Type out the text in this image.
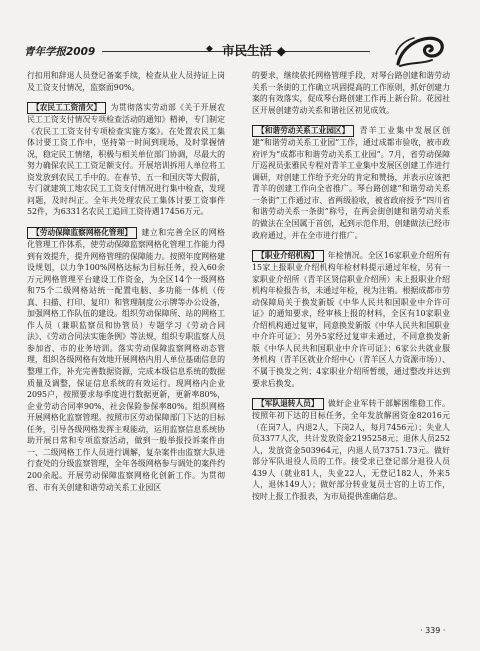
青年学报2009	◆ 市民生活 ◆

行扣用和辞退人员登记备案手续，检查从业人员持证上岗及工资支付情况，监察面90%。

【农民工工资清欠】 为贯彻落实劳动部《关于开展农民工工资支付情况专项检查活动的通知》精神，专门制定《农民工工资支付专项检查实施方案》。在处置农民工集体讨要工资工作中，坚持第一时间到现场，及时掌握情况，稳定民工情绪，积极与相关单位部门协调，尽最大的努力确保农民工工资足额支付。开展培训拆用人单位将工资发放到农民工手中的。在春节、五一和国庆等大假前，专门就建筑工地农民工工资支付情况进行集中检查，发现问题，及时纠正。全年共处理农民工集体讨要工资事件52件，为6331名农民工追回工资待遇17456万元。

【劳动保障监察网格化管理】 建立和完善全区的网格化管理工作体系，使劳动保障监察网格化管理工作能力得到有效提升，提升网格管理的保障能力。按照年度网格建设规划，以力争100%网格达标为目标任务，投入60余万元网格管理平台建设工作资金，为全区14个一级网格和75个二级网格站统一配置电脑、多功能一体机（传真、扫描、打印、复印）和管理制度公示牌等办公设备，加强网格工作队伍的建设。组织劳动保障所、站的网格工作人员（兼职监察员和协管员）专题学习《劳动合同法》、《劳动合同法实施条例》等法规，组织专职监察人员参加省、市的业务培训。落实劳动保障监察网格动态管理，组织各级网格有效地开展网格内用人单位基础信息的整理工作，补充完善数据资源，完成本级信息系统的数据质量及调整，保证信息系统的有效运行。现网格内企业2095户，按照要求每季度进行数据更新，更新率80%，企业劳动合同率90%，社会保险参保率80%。组织网格开展网格化监察管理。按照市区劳动保障部门下达的目标任务，引导各级网格发挥主观能动，运用监察信息系统协助开展日常和专项监察活动，做到一般举报投诉案件由一、二级网格工作人员进行调解，复杂案件由监察大队进行查处的分级监察管理，全年各级网格参与调处的案件约200余起。开展劳动保障监察网格化创新工作。为贯彻省、市有关创建和谐劳动关系工业园区

的要求，继续依托网格管理手段，对琴台路创建和谐劳动关系一条街的工作确立巩固提高的工作原则，抓好创建力案的有效落实，促成琴台路创建工作再上新台阶。花园社区开展创建劳动关系和谐社区初见成效。

【和谐劳动关系工业园区】 青羊工业集中发展区创建“和谐劳动关系工业园”工作，通过成都市验收，被市政府评为“成都市和谐劳动关系工业园”。7月，省劳动保障厅巡视员张雅民专程对青羊工业集中发展区创建工作进行调研，对创建工作给予充分的肯定和赞扬，并表示应该把青羊的创建工作向全省推广。琴台路创建“和谐劳动关系一条街”工作通过市、省两级验收，被省政府授予“四川省和谐劳动关系一条街”称号，在两会街创建和谐劳动关系的做法在全国属于首创，起到示范作用，创建做法已经市政府通过，并在全市进行推广。

【职业介绍机构】 年检情况。全区16家职业介绍所有15家上报职业介绍机构年检材料提示通过年检，另有一家职业介绍所（青羊区贤信职业介绍所）未上报职业介绍机构年检报告书，未通过年检，视为注销。根据成都市劳动保障局关于换发新版《中华人民共和国职业中介许可证》的通知要求，经审核上报的材料，全区有10家职业介绍机构通过复审，同意换发新版《中华人民共和国职业中介许可证》；另外5家经过复审未通过，不同意换发新版《中华人民共和国职业中介许可证》；6家公共就业服务机构（青羊区就业介绍中心（青羊区人力资源市场））、不属于换发之列；4家职业介绍所暂缓，通过整改并达到要求后换发。

【军队退转人员】 做好企业军转干部解困维稳工作。按照年初下达的目标任务，全年发放解困资金82016元（在岗7人，内退2人，下岗2人，每月7456元）；失业人员3377人次，共计发放资金2195258元；退休人员252人，发放资金503964元，内退人员73751.73元。做好部分军队退役人员的工作。接受求已登记部分退役人员439人（就业81人，失业22人，无登记182人，外来5人，退休149人）；做好部分转业复员士官的上访工作，按时上报工作报表，为市局提供准确信息。

· 339 ·
